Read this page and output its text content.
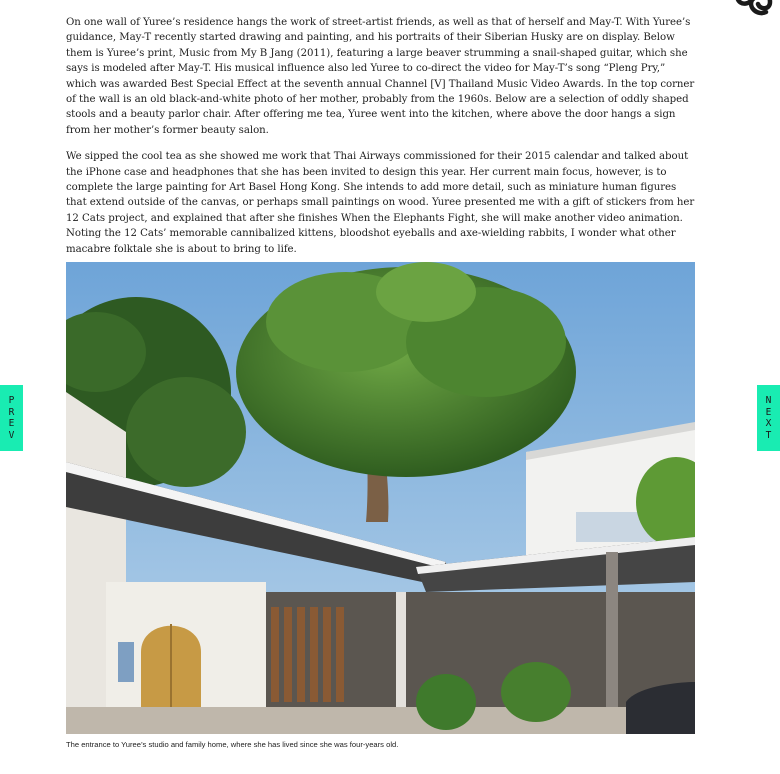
On one wall of Yuree’s residence hangs the work of street-artist friends, as well as that of herself and May-T. With Yuree’s guidance, May-T recently started drawing and painting, and his portraits of their Siberian Husky are on display. Below them is Yuree’s print, Music from My B Jang (2011), featuring a large beaver strumming a snail-shaped guitar, which she says is modeled after May-T. His musical influence also led Yuree to co-direct the video for May-T’s song “Pleng Pry,” which was awarded Best Special Effect at the seventh annual Channel [V] Thailand Music Video Awards. In the top corner of the wall is an old black-and-white photo of her mother, probably from the 1960s. Below are a selection of oddly shaped stools and a beauty parlor chair. After offering me tea, Yuree went into the kitchen, where above the door hangs a sign from her mother’s former beauty salon.

We sipped the cool tea as she showed me work that Thai Airways commissioned for their 2015 calendar and talked about the iPhone case and headphones that she has been invited to design this year. Her current main focus, however, is to complete the large painting for Art Basel Hong Kong. She intends to add more detail, such as miniature human figures that extend outside of the canvas, or perhaps small paintings on wood. Yuree presented me with a gift of stickers from her 12 Cats project, and explained that after she finishes When the Elephants Fight, she will make another video animation. Noting the 12 Cats’ memorable cannibalized kittens, bloodshot eyeballs and axe-wielding rabbits, I wonder what other macabre folktale she is about to bring to life.

The entrance to Yuree’s studio and family home, where she has lived since she was four-years old.
P
R
E
V
N
E
X
T
